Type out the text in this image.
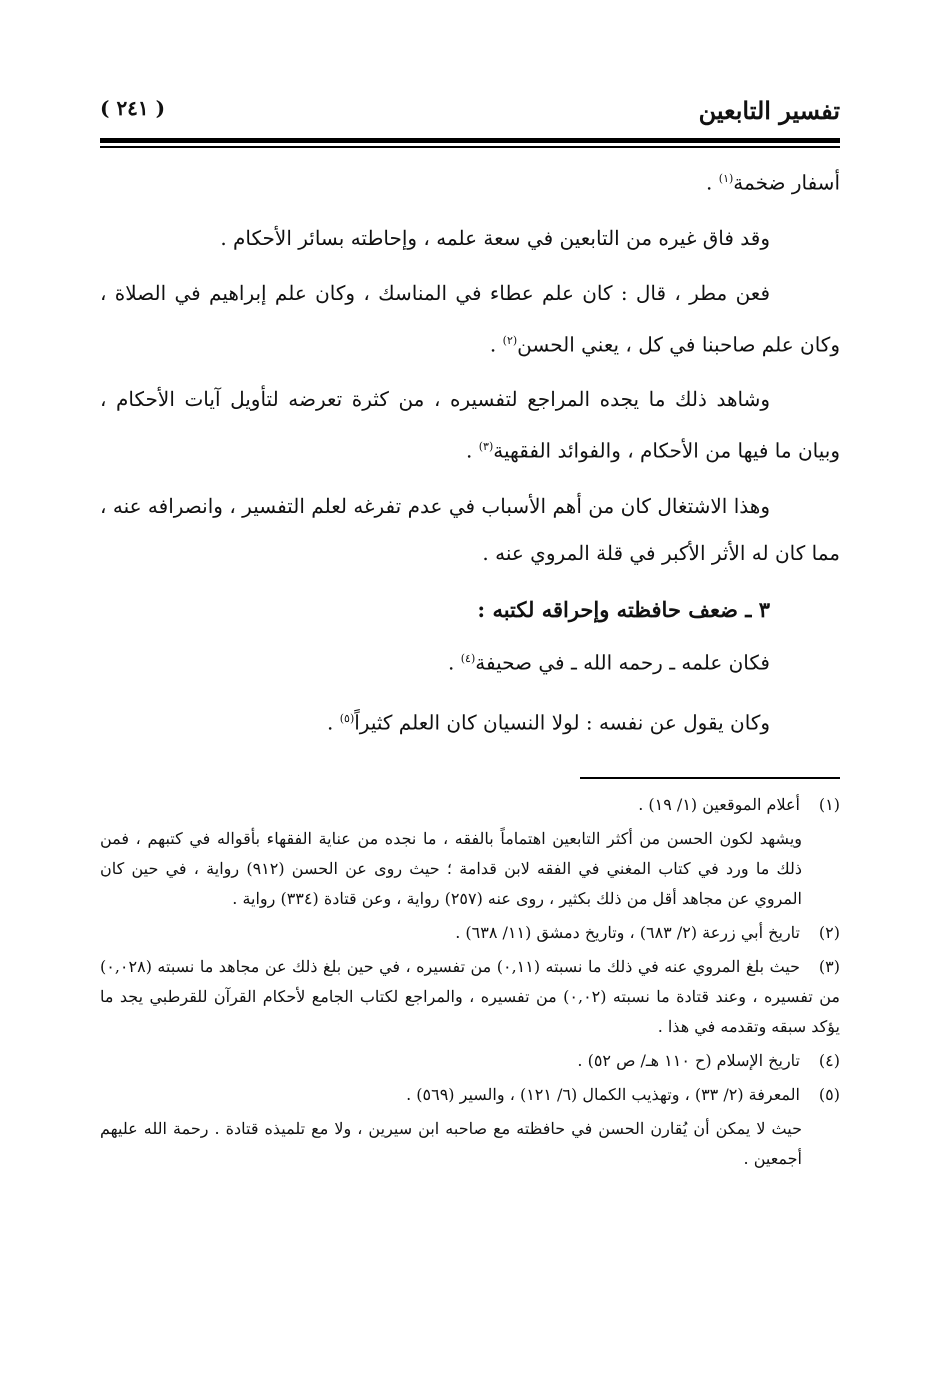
تفسير التابعين
( ٢٤١ )

أسفار ضخمة$^{(١)}$ .

وقد فاق غيره من التابعين في سعة علمه ، وإحاطته بسائر الأحكام .

فعن مطر ، قال : كان علم عطاء في المناسك ، وكان علم إبراهيم في الصلاة ، وكان علم صاحبنا في كل ، يعني الحسن$^{(٢)}$ .

وشاهد ذلك ما يجده المراجع لتفسيره ، من كثرة تعرضه لتأويل آيات الأحكام ، وبيان ما فيها من الأحكام ، والفوائد الفقهية$^{(٣)}$ .

وهذا الاشتغال كان من أهم الأسباب في عدم تفرغه لعلم التفسير ، وانصرافه عنه ، مما كان له الأثر الأكبر في قلة المروي عنه .

٣ ـ ضعف حافظته وإحراقه لكتبه :

فكان علمه ـ رحمه الله ـ في صحيفة$^{(٤)}$ .

وكان يقول عن نفسه : لولا النسيان كان العلم كثيراً$^{(٥)}$ .

(١)أعلام الموقعين (١/ ١٩) .

ويشهد لكون الحسن من أكثر التابعين اهتماماً بالفقه ، ما نجده من عناية الفقهاء بأقواله في كتبهم ، فمن ذلك ما ورد في كتاب المغني في الفقه لابن قدامة ؛ حيث روى عن الحسن (٩١٢) رواية ، في حين كان المروي عن مجاهد أقل من ذلك بكثير ، روى عنه (٢٥٧) رواية ، وعن قتادة (٣٣٤) رواية .

(٢)تاريخ أبي زرعة (٢/ ٦٨٣) ، وتاريخ دمشق (١١/ ٦٣٨) .

(٣)حيث بلغ المروي عنه في ذلك ما نسبته (٠,١١) من تفسيره ، في حين بلغ ذلك عن مجاهد ما نسبته (٠,٠٢٨) من تفسيره ، وعند قتادة ما نسبته (٠,٠٢) من تفسيره ، والمراجع لكتاب الجامع لأحكام القرآن للقرطبي يجد ما يؤكد سبقه وتقدمه في هذا .

(٤)تاريخ الإسلام (ح ١١٠ هـ/ ص ٥٢) .

(٥)المعرفة (٢/ ٣٣) ، وتهذيب الكمال (٦/ ١٢١) ، والسير (٥٦٩) .

حيث لا يمكن أن يُقارن الحسن في حافظته مع صاحبه ابن سيرين ، ولا مع تلميذه قتادة . رحمة الله عليهم أجمعين .
